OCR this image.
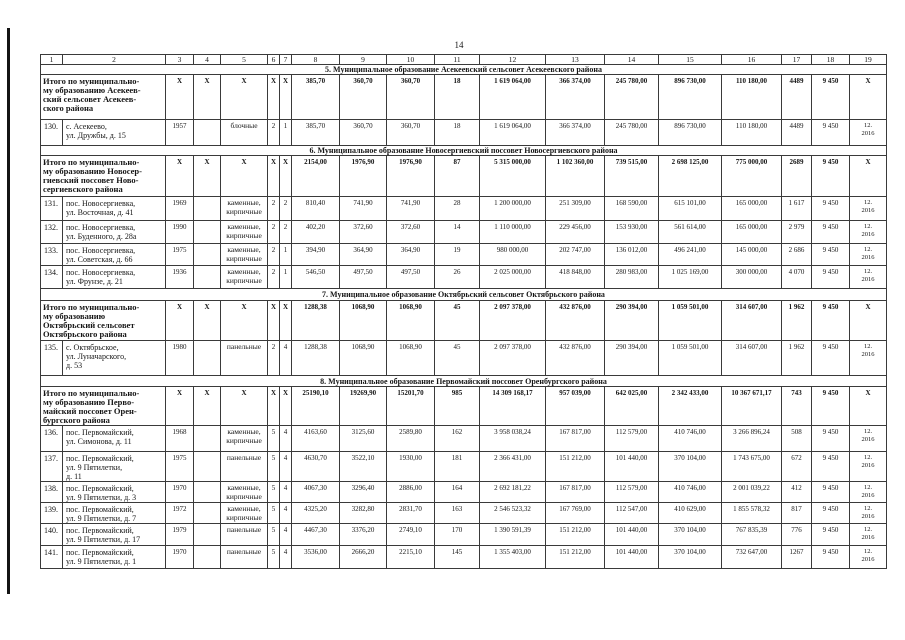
14
1	2	3	4	5	6	7	8	9	10	11	12	13	14	15	16	17	18	19
5. Муниципальное образование Асекеевский сельсовет Асекеевского района																		
Итого по муниципально-
му образованию Асекеев-
ский сельсовет Асекеев-
ского района		X	X	X	X	X	385,70	360,70	360,70	18	1 619 064,00	366 374,00	245 780,00	896 730,00	110 180,00	4489	9 450	X
130.	с. Асекеево,
ул. Дружбы, д. 15	1957		блочные	2	1	385,70	360,70	360,70	18	1 619 064,00	366 374,00	245 780,00	896 730,00	110 180,00	4489	9 450	12.
2016
6. Муниципальное образование Новосергиевский поссовет Новосергиевского района																		
Итого по муниципально-
му образованию Новосер-
гиевский поссовет Ново-
сергиевского района		X	X	X	X	X	2154,00	1976,90	1976,90	87	5 315 000,00	1 102 360,00	739 515,00	2 698 125,00	775 000,00	2689	9 450	X
131.	пос. Новосергиевка,
ул. Восточная, д. 41	1969		каменные,
кирпичные	2	2	810,40	741,90	741,90	28	1 200 000,00	251 309,00	168 590,00	615 101,00	165 000,00	1 617	9 450	12.
2016
132.	пос. Новосергиевка,
ул. Буденного, д. 28а	1990		каменные,
кирпичные	2	2	402,20	372,60	372,60	14	1 110 000,00	229 456,00	153 930,00	561 614,00	165 000,00	2 979	9 450	12.
2016
133.	пос. Новосергиевка,
ул. Советская, д. 66	1975		каменные,
кирпичные	2	1	394,90	364,90	364,90	19	980 000,00	202 747,00	136 012,00	496 241,00	145 000,00	2 686	9 450	12.
2016
134.	пос. Новосергиевка,
ул. Фрунзе, д. 21	1936		каменные,
кирпичные	2	1	546,50	497,50	497,50	26	2 025 000,00	418 848,00	280 983,00	1 025 169,00	300 000,00	4 070	9 450	12.
2016
7. Муниципальное образование Октябрьский сельсовет Октябрьского района																		
Итого по муниципально-
му образованию
Октябрьский сельсовет
Октябрьского района		X	X	X	X	X	1288,38	1068,90	1068,90	45	2 097 378,00	432 876,00	290 394,00	1 059 501,00	314 607,00	1 962	9 450	X
135.	с. Октябрьское,
ул. Луначарского,
д. 53	1980		панельные	2	4	1288,38	1068,90	1068,90	45	2 097 378,00	432 876,00	290 394,00	1 059 501,00	314 607,00	1 962	9 450	12.
2016
8. Муниципальное образование Первомайский поссовет Оренбургского района																		
Итого по муниципально-
му образованию Перво-
майский поссовет Орен-
бургского района		X	X	X	X	X	25190,10	19269,90	15201,70	985	14 309 168,17	957 039,00	642 025,00	2 342 433,00	10 367 671,17	743	9 450	X
136.	пос. Первомайский,
ул. Симонова, д. 11	1968		каменные,
кирпичные	5	4	4163,60	3125,60	2589,80	162	3 958 038,24	167 817,00	112 579,00	410 746,00	3 266 896,24	508	9 450	12.
2016
137.	пос. Первомайский,
ул. 9 Пятилетки,
д. 11	1975		панельные	5	4	4630,70	3522,10	1930,00	181	2 366 431,00	151 212,00	101 440,00	370 104,00	1 743 675,00	672	9 450	12.
2016
138.	пос. Первомайский,
ул. 9 Пятилетки, д. 3	1970		каменные,
кирпичные	5	4	4067,30	3296,40	2886,00	164	2 692 181,22	167 817,00	112 579,00	410 746,00	2 001 039,22	412	9 450	12.
2016
139.	пос. Первомайский,
ул. 9 Пятилетки, д. 7	1972		каменные,
кирпичные	5	4	4325,20	3282,80	2831,70	163	2 546 523,32	167 769,00	112 547,00	410 629,00	1 855 578,32	817	9 450	12.
2016
140.	пос. Первомайский,
ул. 9 Пятилетки, д. 17	1979		панельные	5	4	4467,30	3376,20	2749,10	170	1 390 591,39	151 212,00	101 440,00	370 104,00	767 835,39	776	9 450	12.
2016
141.	пос. Первомайский,
ул. 9 Пятилетки, д. 1	1970		панельные	5	4	3536,00	2666,20	2215,10	145	1 355 403,00	151 212,00	101 440,00	370 104,00	732 647,00	1267	9 450	12.
2016
